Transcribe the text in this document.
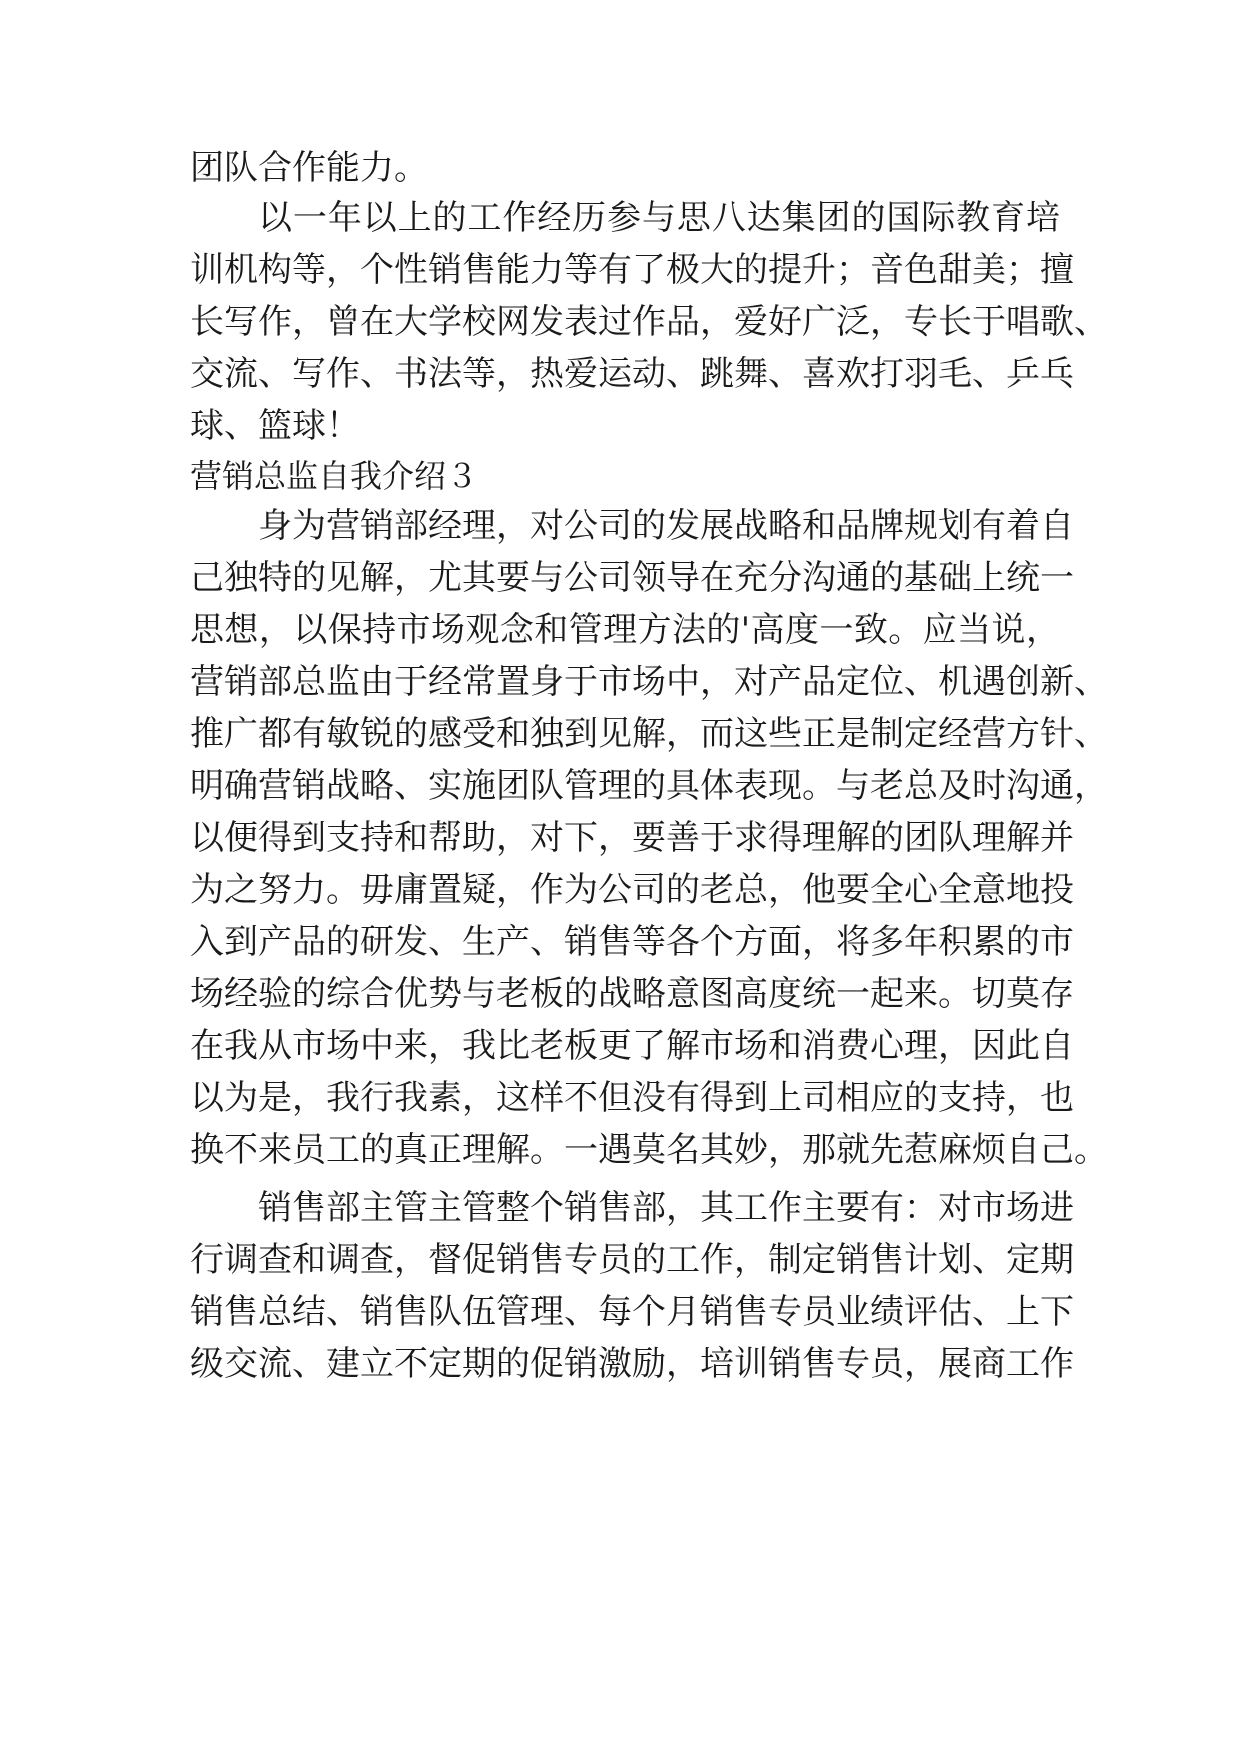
团队合作能力。
以一年以上的工作经历参与思八达集团的国际教育培
训机构等，个性销售能力等有了极大的提升；音色甜美；擅
长写作，曾在大学校网发表过作品，爱好广泛，专长于唱歌、
交流、写作、书法等，热爱运动、跳舞、喜欢打羽毛、乒乓
球、篮球！
营销总监自我介绍３
身为营销部经理，对公司的发展战略和品牌规划有着自
己独特的见解，尤其要与公司领导在充分沟通的基础上统一
思想，以保持市场观念和管理方法的'高度一致。应当说，
营销部总监由于经常置身于市场中，对产品定位、机遇创新、
推广都有敏锐的感受和独到见解，而这些正是制定经营方针、
明确营销战略、实施团队管理的具体表现。与老总及时沟通，
以便得到支持和帮助，对下，要善于求得理解的团队理解并
为之努力。毋庸置疑，作为公司的老总，他要全心全意地投
入到产品的研发、生产、销售等各个方面，将多年积累的市
场经验的综合优势与老板的战略意图高度统一起来。切莫存
在我从市场中来，我比老板更了解市场和消费心理，因此自
以为是，我行我素，这样不但没有得到上司相应的支持，也
换不来员工的真正理解。一遇莫名其妙，那就先惹麻烦自己。
销售部主管主管整个销售部，其工作主要有：对市场进
行调查和调查，督促销售专员的工作，制定销售计划、定期
销售总结、销售队伍管理、每个月销售专员业绩评估、上下
级交流、建立不定期的促销激励，培训销售专员，展商工作
